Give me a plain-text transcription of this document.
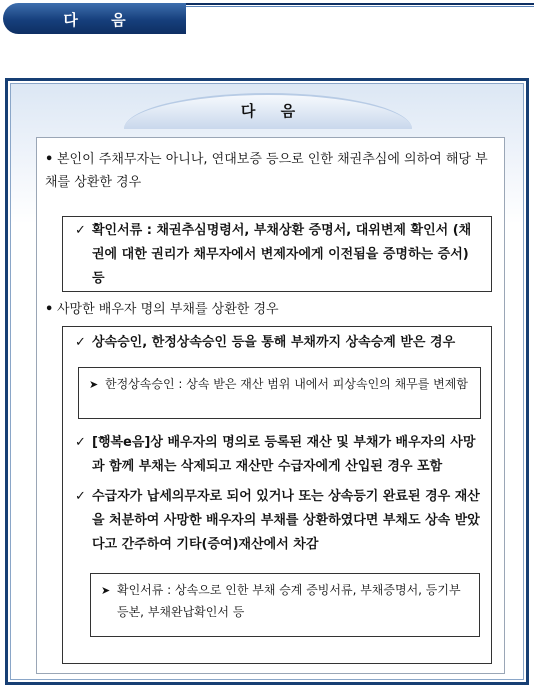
다 음
다 음
• 본인이 주채무자는 아니나, 연대보증 등으로 인한 채권추심에 의하여 해당 부채를 상환한 경우
✓ 확인서류 : 채권추심명령서, 부채상환 증명서, 대위변제 확인서 (채권에 대한 권리가 채무자에서 변제자에게 이전됨을 증명하는 증서) 등
• 사망한 배우자 명의 부채를 상환한 경우
✓ 상속승인, 한정상속승인 등을 통해 부채까지 상속승계 받은 경우
➤ 한정상속승인 : 상속 받은 재산 범위 내에서 피상속인의 채무를 변제함
✓ [행복e음]상 배우자의 명의로 등록된 재산 및 부채가 배우자의 사망과 함께 부채는 삭제되고 재산만 수급자에게 산입된 경우 포함
✓ 수급자가 납세의무자로 되어 있거나 또는 상속등기 완료된 경우 재산을 처분하여 사망한 배우자의 부채를 상환하였다면 부채도 상속 받았다고 간주하여 기타(증여)재산에서 차감
➤ 확인서류 : 상속으로 인한 부채 승계 증빙서류, 부채증명서, 등기부등본, 부채완납확인서 등
